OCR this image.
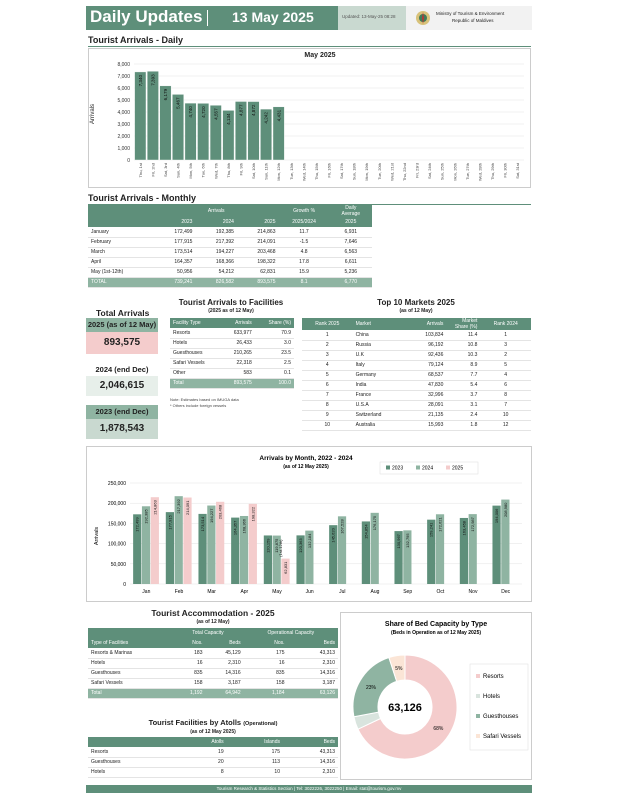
Daily Updates 13 May 2025	Updated: 13-May-25 08:28
Ministry of Tourism & Environment
Republic of Maldives
Tourist Arrivals - Daily
May 2025
Arrivals
0
1,000
2,000
3,000
4,000
5,000
6,000
7,000
8,000
Thu, 1st Fri, 2nd Sat, 3rd Sun, 4th Mon, 5th Tue, 6th Wed, 7th Thu, 8th Fri, 9th Sat, 10th Sun, 11th Mon, 12th Tue, 13th Wed, 14th Thu, 15th Fri, 16th Sat, 17th Sun, 18th Mon, 19th Tue, 20th Wed, 21st Thu, 22nd Fri, 23rd Sat, 24th Sun, 25th Mon, 26th Tue, 27th Wed, 28th Thu, 29th Fri, 30th Sat, 31st
7,340 7,393
6,179
5,467
4,740 4,720 4,557 4,134
4,877 4,872
4,242 4,431
Tourist Arrivals - Monthly
	Arrivals			Growth %	Daily
Average
	2023	2024	2025	2025/2024	2025
January	172,499	192,385	214,863	11.7	6,931
February	177,915	217,392	214,091	-1.5	7,646
March	173,514	194,227	203,468	4.8	6,563
April	164,357	168,366	198,322	17.8	6,611
May (1st-12th)	50,956	54,212	62,831	15.9	5,236
TOTAL	739,241	826,582	893,575	8.1	6,770
Total Arrivals
2025 (as of 12 May)
893,575
2024 (end Dec)
2,046,615
2023 (end Dec)
1,878,543
Tourist Arrivals to Facilities
(2025 as of 12 May)
Facility Type	Arrivals	Share (%)
Resorts	633,977	70.9
Hotels	26,433	3.0
Guesthouses	210,265	23.5
Safari Vessels	22,318	2.5
Other	583	0.1
Total	893,575	100.0
Note: Estimates based on IMUGA data
* Others include foreign vessels
Top 10 Markets 2025
(as of 12 May)
Rank 2025	Market	Arrivals	Market Share (%)	Rank 2024
1	China	103,834	11.4	1
2	Russia	96,192	10.8	3
3	U.K	92,436	10.3	2
4	Italy	79,124	8.9	5
5	Germany	68,537	7.7	4
6	India	47,830	5.4	6
7	France	32,996	3.7	8
8	U.S.A	28,091	3.1	7
9	Switzerland	21,135	2.4	10
10	Australia	15,993	1.8	12
Arrivals by Month, 2022 - 2024
(as of 12 May 2025)
Arrivals
0
50,000
100,000
150,000
200,000
250,000
Jan
172,499
192,385
214,863
Feb
177,915
217,392 214,091
Mar
173,514
194,227 203,468
Apr
164,357 168,366
198,322
May
120,159 119,875
62,831
Jun
120,363 132,184
Jul
145,620
167,528
Aug
154,854
176,175
Sep
130,967 132,795
Oct
159,241 172,621
Nov
163,458 172,987
Dec
194,006 208,980
(1st-12th)
2023	2024	2025
Tourist Accommodation - 2025
(as of 12 May)
	Total Capacity		Operational Capacity	
Type of Facilities	Nos.	Beds	Nos.	Beds
Resorts & Marinas	183	45,129	175	43,313
Hotels	16	2,310	16	2,310
Guesthouses	835	14,316	835	14,316
Safari Vessels	158	3,187	158	3,187
Total	1,192	64,942	1,184	63,126
Tourist Facilities by Atolls (Operational)
(as of 12 May 2025)
	Atolls	Islands	Beds
Resorts	19	175	43,313
Guesthouses	20	113	14,316
Hotels	8	10	2,310
Share of Bed Capacity by Type
(Beds in Operation as of 12 May 2025)
68%
23%
5%
63,126
Resorts
Hotels
Guesthouses
Safari Vessels
Tourism Research & Statistics Section | Tel: 3022226, 3022250 | Email: stat@tourism.gov.mv
